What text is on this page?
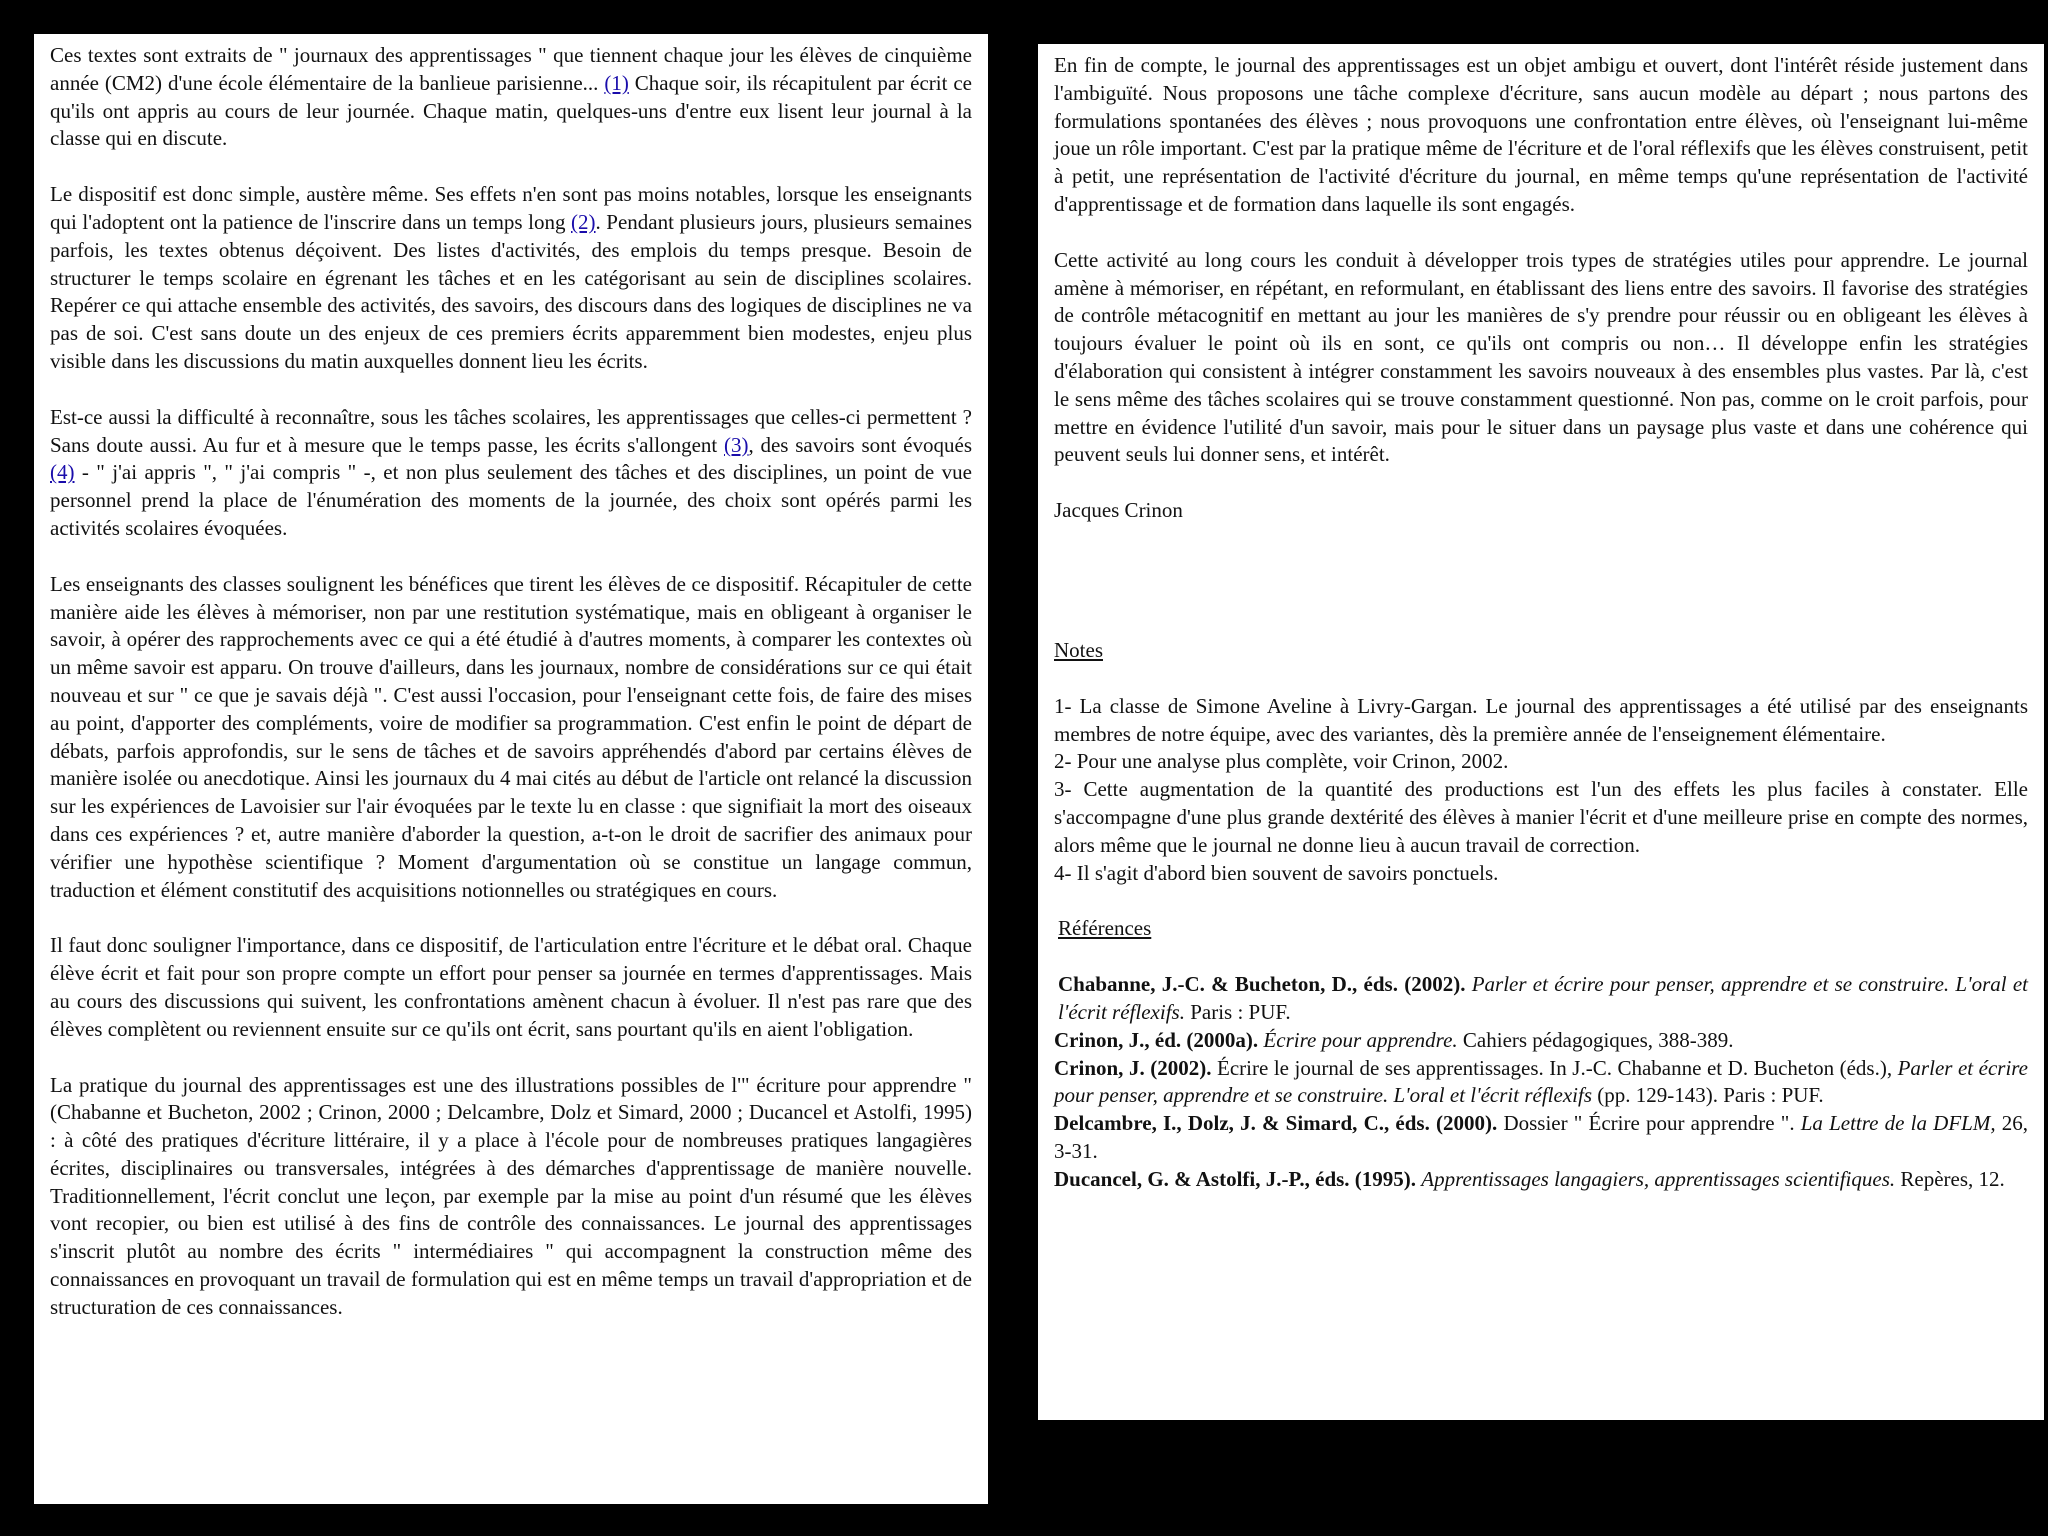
Ces textes sont extraits de " journaux des apprentissages " que tiennent chaque jour les élèves de cinquième année (CM2) d'une école élémentaire de la banlieue parisienne... (1) Chaque soir, ils récapitulent par écrit ce qu'ils ont appris au cours de leur journée. Chaque matin, quelques-uns d'entre eux lisent leur journal à la classe qui en discute.

Le dispositif est donc simple, austère même. Ses effets n'en sont pas moins notables, lorsque les enseignants qui l'adoptent ont la patience de l'inscrire dans un temps long (2). Pendant plusieurs jours, plusieurs semaines parfois, les textes obtenus déçoivent. Des listes d'activités, des emplois du temps presque. Besoin de structurer le temps scolaire en égrenant les tâches et en les catégorisant au sein de disciplines scolaires. Repérer ce qui attache ensemble des activités, des savoirs, des discours dans des logiques de disciplines ne va pas de soi. C'est sans doute un des enjeux de ces premiers écrits apparemment bien modestes, enjeu plus visible dans les discussions du matin auxquelles donnent lieu les écrits.

Est-ce aussi la difficulté à reconnaître, sous les tâches scolaires, les apprentissages que celles-ci permettent ? Sans doute aussi. Au fur et à mesure que le temps passe, les écrits s'allongent (3), des savoirs sont évoqués (4) - " j'ai appris ", " j'ai compris " -, et non plus seulement des tâches et des disciplines, un point de vue personnel prend la place de l'énumération des moments de la journée, des choix sont opérés parmi les activités scolaires évoquées.

Les enseignants des classes soulignent les bénéfices que tirent les élèves de ce dispositif. Récapituler de cette manière aide les élèves à mémoriser, non par une restitution systématique, mais en obligeant à organiser le savoir, à opérer des rapprochements avec ce qui a été étudié à d'autres moments, à comparer les contextes où un même savoir est apparu. On trouve d'ailleurs, dans les journaux, nombre de considérations sur ce qui était nouveau et sur " ce que je savais déjà ". C'est aussi l'occasion, pour l'enseignant cette fois, de faire des mises au point, d'apporter des compléments, voire de modifier sa programmation. C'est enfin le point de départ de débats, parfois approfondis, sur le sens de tâches et de savoirs appréhendés d'abord par certains élèves de manière isolée ou anecdotique. Ainsi les journaux du 4 mai cités au début de l'article ont relancé la discussion sur les expériences de Lavoisier sur l'air évoquées par le texte lu en classe : que signifiait la mort des oiseaux dans ces expériences ? et, autre manière d'aborder la question, a-t-on le droit de sacrifier des animaux pour vérifier une hypothèse scientifique ? Moment d'argumentation où se constitue un langage commun, traduction et élément constitutif des acquisitions notionnelles ou stratégiques en cours.

Il faut donc souligner l'importance, dans ce dispositif, de l'articulation entre l'écriture et le débat oral. Chaque élève écrit et fait pour son propre compte un effort pour penser sa journée en termes d'apprentissages. Mais au cours des discussions qui suivent, les confrontations amènent chacun à évoluer. Il n'est pas rare que des élèves complètent ou reviennent ensuite sur ce qu'ils ont écrit, sans pourtant qu'ils en aient l'obligation.

La pratique du journal des apprentissages est une des illustrations possibles de l'" écriture pour apprendre " (Chabanne et Bucheton, 2002 ; Crinon, 2000 ; Delcambre, Dolz et Simard, 2000 ; Ducancel et Astolfi, 1995) : à côté des pratiques d'écriture littéraire, il y a place à l'école pour de nombreuses pratiques langagières écrites, disciplinaires ou transversales, intégrées à des démarches d'apprentissage de manière nouvelle. Traditionnellement, l'écrit conclut une leçon, par exemple par la mise au point d'un résumé que les élèves vont recopier, ou bien est utilisé à des fins de contrôle des connaissances. Le journal des apprentissages s'inscrit plutôt au nombre des écrits " intermédiaires " qui accompagnent la construction même des connaissances en provoquant un travail de formulation qui est en même temps un travail d'appropriation et de structuration de ces connaissances.

En fin de compte, le journal des apprentissages est un objet ambigu et ouvert, dont l'intérêt réside justement dans l'ambiguïté. Nous proposons une tâche complexe d'écriture, sans aucun modèle au départ ; nous partons des formulations spontanées des élèves ; nous provoquons une confrontation entre élèves, où l'enseignant lui-même joue un rôle important. C'est par la pratique même de l'écriture et de l'oral réflexifs que les élèves construisent, petit à petit, une représentation de l'activité d'écriture du journal, en même temps qu'une représentation de l'activité d'apprentissage et de formation dans laquelle ils sont engagés.

Cette activité au long cours les conduit à développer trois types de stratégies utiles pour apprendre. Le journal amène à mémoriser, en répétant, en reformulant, en établissant des liens entre des savoirs. Il favorise des stratégies de contrôle métacognitif en mettant au jour les manières de s'y prendre pour réussir ou en obligeant les élèves à toujours évaluer le point où ils en sont, ce qu'ils ont compris ou non… Il développe enfin les stratégies d'élaboration qui consistent à intégrer constamment les savoirs nouveaux à des ensembles plus vastes. Par là, c'est le sens même des tâches scolaires qui se trouve constamment questionné. Non pas, comme on le croit parfois, pour mettre en évidence l'utilité d'un savoir, mais pour le situer dans un paysage plus vaste et dans une cohérence qui peuvent seuls lui donner sens, et intérêt.

Jacques Crinon

Notes

1- La classe de Simone Aveline à Livry-Gargan. Le journal des apprentissages a été utilisé par des enseignants membres de notre équipe, avec des variantes, dès la première année de l'enseignement élémentaire.

2- Pour une analyse plus complète, voir Crinon, 2002.

3- Cette augmentation de la quantité des productions est l'un des effets les plus faciles à constater. Elle s'accompagne d'une plus grande dextérité des élèves à manier l'écrit et d'une meilleure prise en compte des normes, alors même que le journal ne donne lieu à aucun travail de correction.

4- Il s'agit d'abord bien souvent de savoirs ponctuels.

Références

Chabanne, J.-C. & Bucheton, D., éds. (2002). Parler et écrire pour penser, apprendre et se construire. L'oral et l'écrit réflexifs. Paris : PUF.

Crinon, J., éd. (2000a). Écrire pour apprendre. Cahiers pédagogiques, 388-389.

Crinon, J. (2002). Écrire le journal de ses apprentissages. In J.-C. Chabanne et D. Bucheton (éds.), Parler et écrire pour penser, apprendre et se construire. L'oral et l'écrit réflexifs (pp. 129-143). Paris : PUF.

Delcambre, I., Dolz, J. & Simard, C., éds. (2000). Dossier " Écrire pour apprendre ". La Lettre de la DFLM, 26, 3-31.

Ducancel, G. & Astolfi, J.-P., éds. (1995). Apprentissages langagiers, apprentissages scientifiques. Repères, 12.
